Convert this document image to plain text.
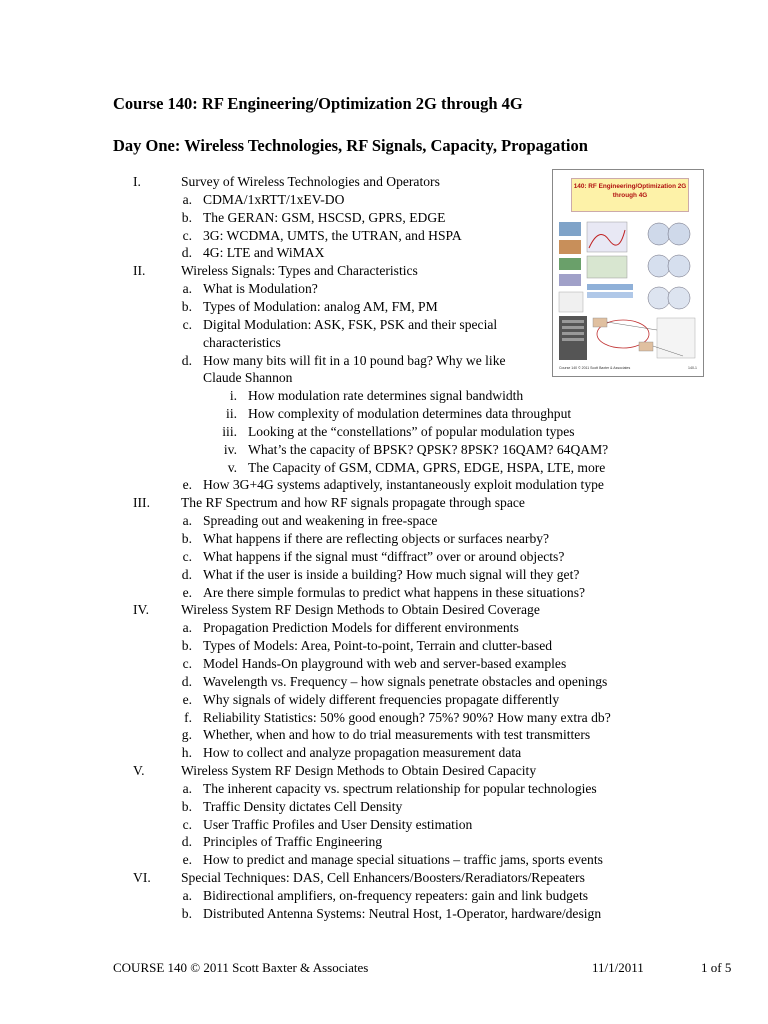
Course 140: RF Engineering/Optimization 2G through 4G
Day One: Wireless Technologies, RF Signals, Capacity, Propagation
I.	Survey of Wireless Technologies and Operators
a. CDMA/1xRTT/1xEV-DO
b. The GERAN: GSM, HSCSD, GPRS, EDGE
c. 3G: WCDMA, UMTS, the UTRAN, and HSPA
d. 4G: LTE and WiMAX
II.	Wireless Signals: Types and Characteristics
a. What is Modulation?
b. Types of Modulation: analog AM, FM, PM
c. Digital Modulation: ASK, FSK, PSK and their special
characteristics
d. How many bits will fit in a 10 pound bag? Why we like
Claude Shannon
i. How modulation rate determines signal bandwidth
ii. How complexity of modulation determines data throughput
iii. Looking at the “constellations” of popular modulation types
iv. What’s the capacity of BPSK? QPSK? 8PSK? 16QAM? 64QAM?
v. The Capacity of GSM, CDMA, GPRS, EDGE, HSPA, LTE, more
e. How 3G+4G systems adaptively, instantaneously exploit modulation type
III. The RF Spectrum and how RF signals propagate through space
a. Spreading out and weakening in free-space
b. What happens if there are reflecting objects or surfaces nearby?
c. What happens if the signal must “diffract” over or around objects?
d. What if the user is inside a building? How much signal will they get?
e. Are there simple formulas to predict what happens in these situations?
IV. Wireless System RF Design Methods to Obtain Desired Coverage
a. Propagation Prediction Models for different environments
b. Types of Models: Area, Point-to-point, Terrain and clutter-based
c. Model Hands-On playground with web and server-based examples
d. Wavelength vs. Frequency – how signals penetrate obstacles and openings
e. Why signals of widely different frequencies propagate differently
f. Reliability Statistics: 50% good enough? 75%? 90%? How many extra db?
g. Whether, when and how to do trial measurements with test transmitters
h. How to collect and analyze propagation measurement data
V.	Wireless System RF Design Methods to Obtain Desired Capacity
a. The inherent capacity vs. spectrum relationship for popular technologies
b. Traffic Density dictates Cell Density
c. User Traffic Profiles and User Density estimation
d. Principles of Traffic Engineering
e. How to predict and manage special situations – traffic jams, sports events
VI. Special Techniques: DAS, Cell Enhancers/Boosters/Reradiators/Repeaters
a. Bidirectional amplifiers, on-frequency repeaters: gain and link budgets
b. Distributed Antenna Systems: Neutral Host, 1-Operator, hardware/design
140: RF Engineering/Optimization 2G through 4G
Course 140 © 2011 Scott Baxter & Associates	140-1
COURSE 140 © 2011 Scott Baxter & Associates	11/1/2011	1 of 5
